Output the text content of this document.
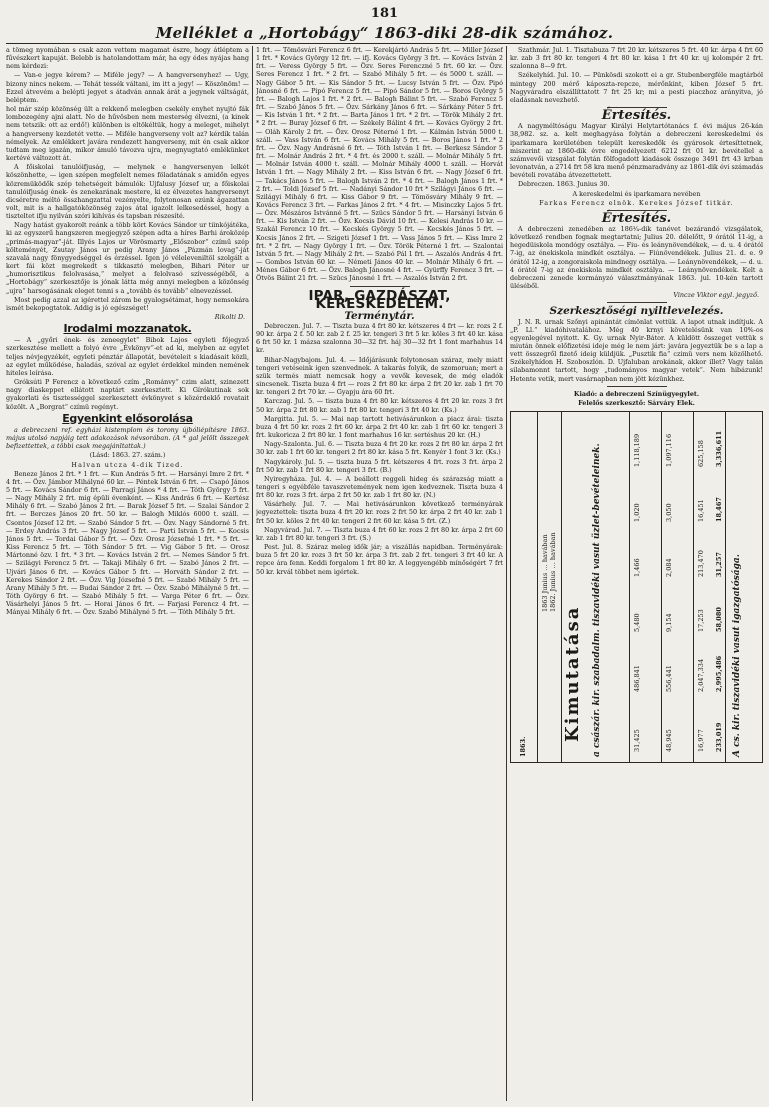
181
Melléklet a „Hortobágy“ 1863-diki 28-dik számához.

a tömeg nyomában s csak azon vettem magamat észre, hogy átléptem a fűvészkert kapuját. Belebb is hatolandottam már, ha egy édes nyájas hang nem kérdezi:

— Van-e jegye kérem? — Miféle jegy? — A hangversenyhez! — Ugy, bizony nincs nekem. — Tehát tessék váltani, im itt a jegy! — Köszönöm! — Ezzel átvevém a belépti jegyet s átadván annak árát a jegynek váltságát, beléptem.

hol már szép közönség ült a rekkenő melegben csekély enyhet nyujtó fák lombozegény ajni alatt. No de hűvösben nem mesterség élvezni, (a kinek nem tetszik: ott az erdő!) különben is eltökéltük, hogy a meleget, mihelyt a hangverseny kezdetét vette. — Miféle hangverseny volt az? kérdik talán némelyek. Az emlékkert javára rendezett hangverseny, mit én csak akkor tudtam meg igazán, mikor ámuló távozva ujra, megnyugtató emlékünket kertévé változott át.

A főiskolai tanulóifjuság, — melynek e hangversenyen lelkét köszönhette, — igen szépen megfelelt nemes föladatának s amidőn egyes közremüködők szép tehetségeit bámulók: Ujfalusy József ur, a főiskolai tanulóifjuság ének- és zenekarának mestere, ki ez élvezetes hangversenyt dicséretre méltó összhangzattal vezényelte, folytonosan ezúnk ágazattan volt, mit is a hallgatóközönség zajos átal igazolt lelkesedéssel, hogy a tiszteltet ifju nyilván szóri kihívás és tapsban részesíté.

Nagy hatást gyakorolt reánk a több kört Kovács Sándor ur tiinkójátéka, ki az egyszerű hangszeren megjegyző szépen adta a híres Barhi ároközép „primás-magyar“-ját. Illyés Lajos ur Vörösmarty „Előszobor“ czímű szép költeményét, Zsutay János ur pedig Arany János „Pázmán lovag“-ját szavalá nagy fönygyedséggel és érzéssel. Igen jó véleleveniltöl szolgált a kert fái közt megrekedt s tikkasztó melegben, Bihari Péter ur „humorisztikus felolvasása,“ melyet a felolvasó szívességéből, a „Hortobágy“ szerkesztője is jónak látta még annyi melegben a közönség „ujra“ harsogásának eleget tenni s a „tovább és tovább“ elnevezéssel.

Most pedig azzal az igérettel zárom be gyalogsétámat, hogy nemsokára ismét bekopogtatok. Addig is jó egészséget!

Rikolti D.

Irodalmi mozzanatok.

— A „győri ének- és zeneegylet“ Bibok Lajos egyleti főjegyző szerkesztése mellett a folyó évre „Évkönyv“-et ad ki, melyben az egylet teljes névjegyzékét, egyleti pénztár állapotát, bevételeit s kiadásait közli, az egylet működése, haladás, szóval az egylet érdekkel minden nemének hiteles leírása.

Gróksúti P Ferencz a következő czím „Románvy“ czim alatt, szinezett nagy diaskeppet ellátott naptárt szerkesztett. Ki Gírókutinak sok gyakorlati és tisztességgel szerkesztett évkönyvet s közérdeklő rovatait közölt. A „Borgrat“ czímü regényt.

Egyenkint elősorolása

a debreczeni ref. egyházi kistemplom és torony újbóliépítésre 1863. május utolsó napjáig tett adakozások névsorában. (A * gal jelölt összegek befizettettek, a többi csak megajánltattak.)

(Lásd: 1863. 27. szám.)

Halvan utcza 4-dik Tized.

Beneze János 2 frt. * 1 frt. — Kun András 5 frt. — Harsányi Imre 2 frt. * 4 frt. — Özv. Jámbor Mihályné 60 kr. — Péntek István 6 frt. — Csapó János 5 frt. — Kovács Sándor 6 frt. — Parragi János * 4 frt. — Tóth György 5 frt. — Nagy Mihály 2 frt. mig épüli évenként. — Kiss András 6 frt. — Kertész Mihály 6 frt. — Szabó János 2 frt. — Barak József 5 frt. — Szalai Sándor 2 frt. — Berczes János 20 frt. 50 kr. — Balogh Miklós 6000 t. száll. — Csontos József 12 frt. — Szabó Sándor 5 frt. — Özv. Nagy Sándorné 5 frt. — Erdey András 3 frt. — Nagy József 5 frt. — Parti István 5 frt. — Kocsis János 5 frt. — Tordai Gábor 5 frt. — Özv. Orosz Józsefné 1 frt. * 5 frt. — Kiss Ferencz 5 frt. — Tóth Sándor 5 frt. — Vig Gábor 5 frt. — Orosz Mártonné özv. 1 frt. * 3 frt. — Kovács István 2 frt. — Nemes Sándor 5 frt. — Szilágyi Ferencz 5 frt. — Takaji Mihály 6 frt. — Szabó János 2 frt. — Ujvári János 6 frt. — Kovács Gábor 5 frt. — Horváth Sándor 2 frt. — Kerekes Sándor 2 frt. — Özv. Vig Józsefné 5 frt. — Szabó Mihály 5 frt. — Arany Mihály 5 frt. — Budai Sándor 2 frt. — Özv. Szabó Mihályné 5 frt. — Tóth György 6 frt. — Szabó Mihály 5 frt. — Varga Péter 6 frt. — Özv. Vásárhelyi János 5 frt. — Horai János 6 frt. — Farjasi Ferencz 4 frt. — Mányai Mihály 6 frt. — Özv. Szabó Mihályné 5 frt. — Tóth Mihály 5 frt.

1 frt. — Tömösvári Ferencz 6 frt. — Kerekjártó András 5 frt. — Miller József 1 frt. * Kovács György 12 frt. — ifj. Kovács György 3 frt. — Kovács István 2 frt. — Veress György 5 frt. — Özv. Seres Ferenczné 5 frt. 60 kr. — Özv. Seres Ferencz 1 frt. * 2 frt. — Szabó Mihály 5 frt. — és 5000 t. száll. — Nagy Gábor 5 frt. — Kis Sándor 5 frt. — Lucsy István 5 frt. — Özv. Pipó Jánosné 6 frt. — Pipó Ferencz 5 frt. — Pipó Sándor 5 frt. — Boros György 5 frt. — Balogh Lajos 1 frt. * 2 frt. — Balogh Bálint 5 frt. — Szabó Ferencz 5 frt. — Szabó János 5 frt. — Özv. Sárkány János 6 frt. — Sárkány Péter 5 frt. — Kis István 1 frt. * 2 frt. — Barta János 1 frt. * 2 frt. — Török Mihály 2 frt. * 2 frt. — Buray József 6 frt. — Székely Bálint 4 frt. — Kovács György 2 frt. — Oláh Károly 2 frt. — Özv. Orosz Péterné 1 frt. — Kálmán István 5000 t. száll. — Vass István 6 frt. — Kovács Mihály 5 frt. — Boros János 1 frt. * 2 frt. — Özv. Nagy Andrásné 6 frt. — Tóth István 1 frt. — Berkesz Sándor 5 frt. — Molnár András 2 frt. * 4 frt. és 2000 t. száll. — Molnár Mihály 5 frt. — Molnár István 4000 t. száll. — Molnár Mihály 4000 t. száll. — Horvát István 1 frt. — Nagy Mihály 2 frt. — Kiss István 6 frt. — Nagy József 6 frt. — Takács János 5 frt. — Balogh István 2 frt. * 4 frt. — Balogh János 1 frt. * 2 frt. — Toldi József 5 frt. — Nadányi Sándor 10 frt * Szilágyi János 6 frt. — Szilágyi Mihály 6 frt. — Kiss Gábor 9 frt. — Tömösváry Mihály 9 frt. — Kovács Ferencz 3 frt. — Farkas János 2 frt. * 4 frt. — Misinczky Lajos 5 frt. — Özv. Mészáros Istvánné 5 frt. — Szücs Sándor 5 frt. — Harsányi István 6 frt. — Kis István 2 frt. — Özv. Kocsis Dávid 10 frt. — Kelesi András 10 kr. — Szakál Ferencz 10 frt. — Kecskés György 5 frt. — Kecskés János 5 frt. — Kocsis János 2 frt. — Szigeti József 1 frt. — Vass János 5 frt. — Kiss Imre 2 frt. * 2 frt. — Nagy György 1 frt. — Özv. Török Péterné 1 frt. — Szalontai István 5 frt. — Nagy Mihály 2 frt. — Szabó Pál 1 frt. — Aszalós András 4 frt. — Gombos István 60 kr. — Németi János 40 kr. — Molnár Mihály 6 frt. — Ménes Gábor 6 frt. — Özv. Balogh Jánosné 4 frt. — Gyürffy Ferencz 3 frt. — Ötvös Bálint 21 frt. — Szücs Jánosné 1 frt. — Aszalós István 2 frt.

IPAR, GAZDÁSZAT, KERESKEDELEM.
Terménytár.

Debreczen. Jul. 7. — Tiszta buza 4 frt 80 kr. kétszeres 4 frt — kr. rozs 2 f. 90 kr. árpa 2 f. 50 kr. zab 2 f. 25 kr. tengeri 3 frt 5 kr. köles 3 frt 40 kr. kása 6 frt 50 kr. 1 mázsa szalonna 30—32 frt. háj 30—32 frt 1 font marhahus 14 kr.

Bihar-Nagybajom. Jul. 4. — Időjárásunk folytonosan száraz, mely miatt tengeri vetéseink igen szenvednek. A takarás folyik, de szomoruan; mert a szük termés miatt nemcsak hogy a vevők kevesek, de még eladók sincsenek. Tiszta buza 4 frt — rozs 2 frt 80 kr. árpa 2 frt 20 kr. zab 1 frt 70 kr. tengeri 2 frt 70 kr. — Gyapju ára 60 frt.

Karczag. Jul. 5. — tiszta buza 4 frt 80 kr. kétszeres 4 frt 20 kr. rozs 3 frt 50 kr. árpa 2 frt 80 kr. zab 1 frt 80 kr. tengeri 3 frt 40 kr. (Ks.)

Margitta. Jul. 5. — Mai nap tartott hetivásárunkon a piacz árai: tiszta buza 4 frt 50 kr. rozs 2 frt 60 kr. árpa 2 frt 40 kr. zab 1 frt 60 kr. tengeri 3 frt. kukoricza 2 frt 80 kr. 1 font marhahus 16 kr. sertéshus 20 kr. (H.)

Nagy-Szalonta. Jul. 6. — Tiszta buza 4 frt 20 kr. rozs 2 frt 80 kr. árpa 2 frt 30 kr. zab 1 frt 60 kr. tengeri 2 frt 80 kr. kása 5 frt. Kenyér 1 font 3 kr. (Ks.)

Nagykároly. Jul. 5. — tiszta buza 5 frt. kétszeres 4 frt. rozs 3 frt. árpa 2 frt 50 kr. zab 1 frt 80 kr. tengeri 3 frt. (B.)

Nyiregyháza. Jul. 4. — A beállott reggeli hideg és szárazság miatt a tengeri s egyébféle tavaszvetemények nem igen kedveznek. Tiszta buza 4 frt 80 kr. rozs 3 frt. árpa 2 frt 50 kr. zab 1 frt 80 kr. (N.)

Vásárhely. Jul. 7. — Mai hetivásárunkon következő terményárak jegyeztettek: tiszta buza 4 frt 20 kr. rozs 2 frt 50 kr. árpa 2 frt 40 kr. zab 1 frt 50 kr. köles 2 frt 40 kr. tengeri 2 frt 60 kr. kása 5 frt. (Z.)

Nagyvárad. Jul. 7. — Tiszta buza 4 frt 60 kr. rozs 2 frt 80 kr. árpa 2 frt 60 kr. zab 1 frt 80 kr. tengeri 3 frt. (S.)

Pest. Jul. 8. Száraz meleg idők jár; a viszállás napidban. Terményárak: buza 5 frt 20 kr. rozs 3 frt 50 kr. árpa 3 frt. zab 2 frt. tengeri 3 frt 40 kr. A repce ára fenn. Keddi forgalom 1 frt 80 kr. A leggyengébb mínőségért 7 frt 50 kr. krvál többet nem igértek.

Szathmár. Jul. 1. Tisztabuza 7 frt 20 kr. kétszeres 5 frt. 40 kr. árpa 4 frt 60 kr. zab 3 frt 80 kr. tengeri 4 frt 80 kr. kása 1 frt 40 kr. uj kolompér 2 frt. szalonna 8—9 frt.

Székelyhíd. Jul. 10. — Pünkösdi szokott ei a gr. Stubenbergféle magtárból mintegy 200 mérő káposzta-repcze, mérőnkint, kiben József 5 frt. Nagyváradra elszállíttatott 7 frt 25 kr; mi a pesti piaczhoz arányitva, jó eladásnak nevezhető.

Értesítés.

A nagyméltóságu Magyar Királyi Helytartótanács f. évi május 26-kán 38,982. sz. a. kelt meghagyása folytán a debreczeni kereskedelmi és iparkamara kerületében települt kereskedők és gyárosok értesíttetnek, miszerint az 1860-dik évre engedélyezett 6212 frt 01 kr. bevétellel a számvevői vizsgálat folytán fölfogadott kiadások összege 3491 frt 43 krban levonatván, a 2714 frt 58 kra menő pénzmaradvány az 1861-dik évi számadás bevételi rovatába átvezettetett.

Debreczen. 1863. Junius 30.

A kereskedelmi és iparkamara nevében

Farkas Ferencz elnök. Kerekes József titkár.

Értesítés.

A debreczeni zenedében az 186³⁄₄-dik tanévet bezárandó vizsgálatok, következő rendben fognak megtartatni; Julius 20. délelőtt, 9 órától 11-ig, a hegedüiskola mondógy osztálya. — Fiu- és leánynövendékek, — d. u. 4 órától 7-ig, az énekiskola mindkét osztálya. — Fiúnövendékek. Julius 21. d. e. 9 órától 12-ig, a zongoraiskola mindnegy osztálya. — Leánynövendékek, — d. u. 4 órától 7-ig az énekiskola mindkét osztálya. — Leánynövendékek. Kelt a debreczeni zenede kormányzó választmányának 1863. jul. 10-kén tartott üléséből.

Vincze Viktor egyl. jegyző.

Szerkesztőségi nyiltlevelezés.

J. N. R. urnak Szőnyi apinántát címönlat vettük. A lapot utnak indítjuk. A „P. Ll.“ kiadóhivatalához. Még 40 krnyi követelésünk van 10%-os egyenlegével nyitott. K. Gy. urnak Nyir-Bátor. A küldött összeget vettük s miután önnek előfizetési ideje még le nem járt: javára jegyeztük be s a lap a vett összegről fizető ideig küldjük. „Pusztik fia“ czimü vers nem közölhető. Székelyhídon H. Szoboszlón. D. Ujfaluban arokának, akkor illet? Vagy talán silabamonnt tartott, hogy „tudományos magyar vetek“. Nem hibázunk! Hetente vetik, mert vasárnapban nem jött kézünkhez.

Kiadó: a debreczeni Színügyegylet.

Felelős szerkesztő: Sárváry Elek.

1863.
Kimutatása a császár. kir. szabadalm. tiszavidéki vasut üzlet-bevételeinek.	A cs. kir. tiszavidéki vasut igazgatósága.
1863 Junius … havában 1862. Junius … havában
31,425
486,841
5,480
1,466
1,020
1,118,189
48,945
556,441
9,154
2,084
3,050
1,097,116
16,977
2,047,334
17,253
213,470
16,451
625,158
233,019
2,995,486
58,080
31,257
18,467
3,336,611
